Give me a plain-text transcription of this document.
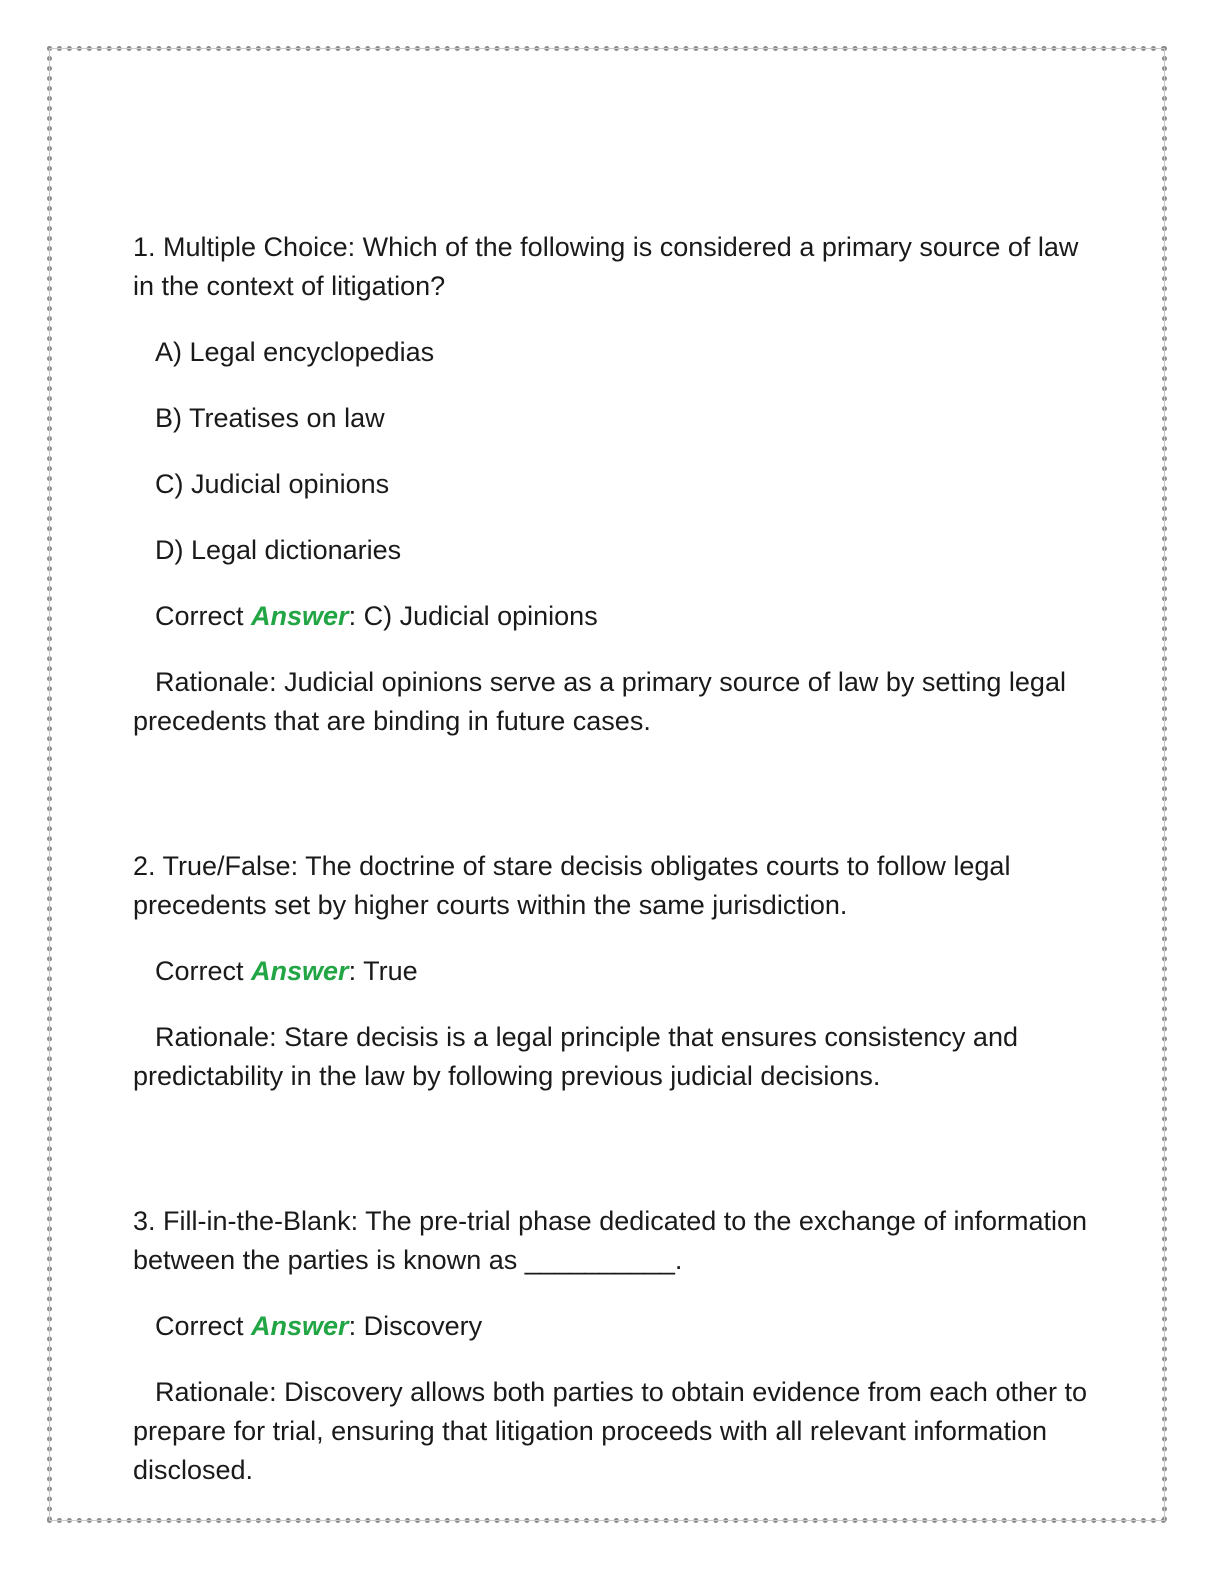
1. Multiple Choice: Which of the following is considered a primary source of law in the context of litigation?

A) Legal encyclopedias

B) Treatises on law

C) Judicial opinions

D) Legal dictionaries

Correct Answer: C) Judicial opinions

Rationale: Judicial opinions serve as a primary source of law by setting legal precedents that are binding in future cases.

2. True/False: The doctrine of stare decisis obligates courts to follow legal precedents set by higher courts within the same jurisdiction.

Correct Answer: True

Rationale: Stare decisis is a legal principle that ensures consistency and predictability in the law by following previous judicial decisions.

3. Fill-in-the-Blank: The pre-trial phase dedicated to the exchange of information between the parties is known as __________.

Correct Answer: Discovery

Rationale: Discovery allows both parties to obtain evidence from each other to prepare for trial, ensuring that litigation proceeds with all relevant information disclosed.
